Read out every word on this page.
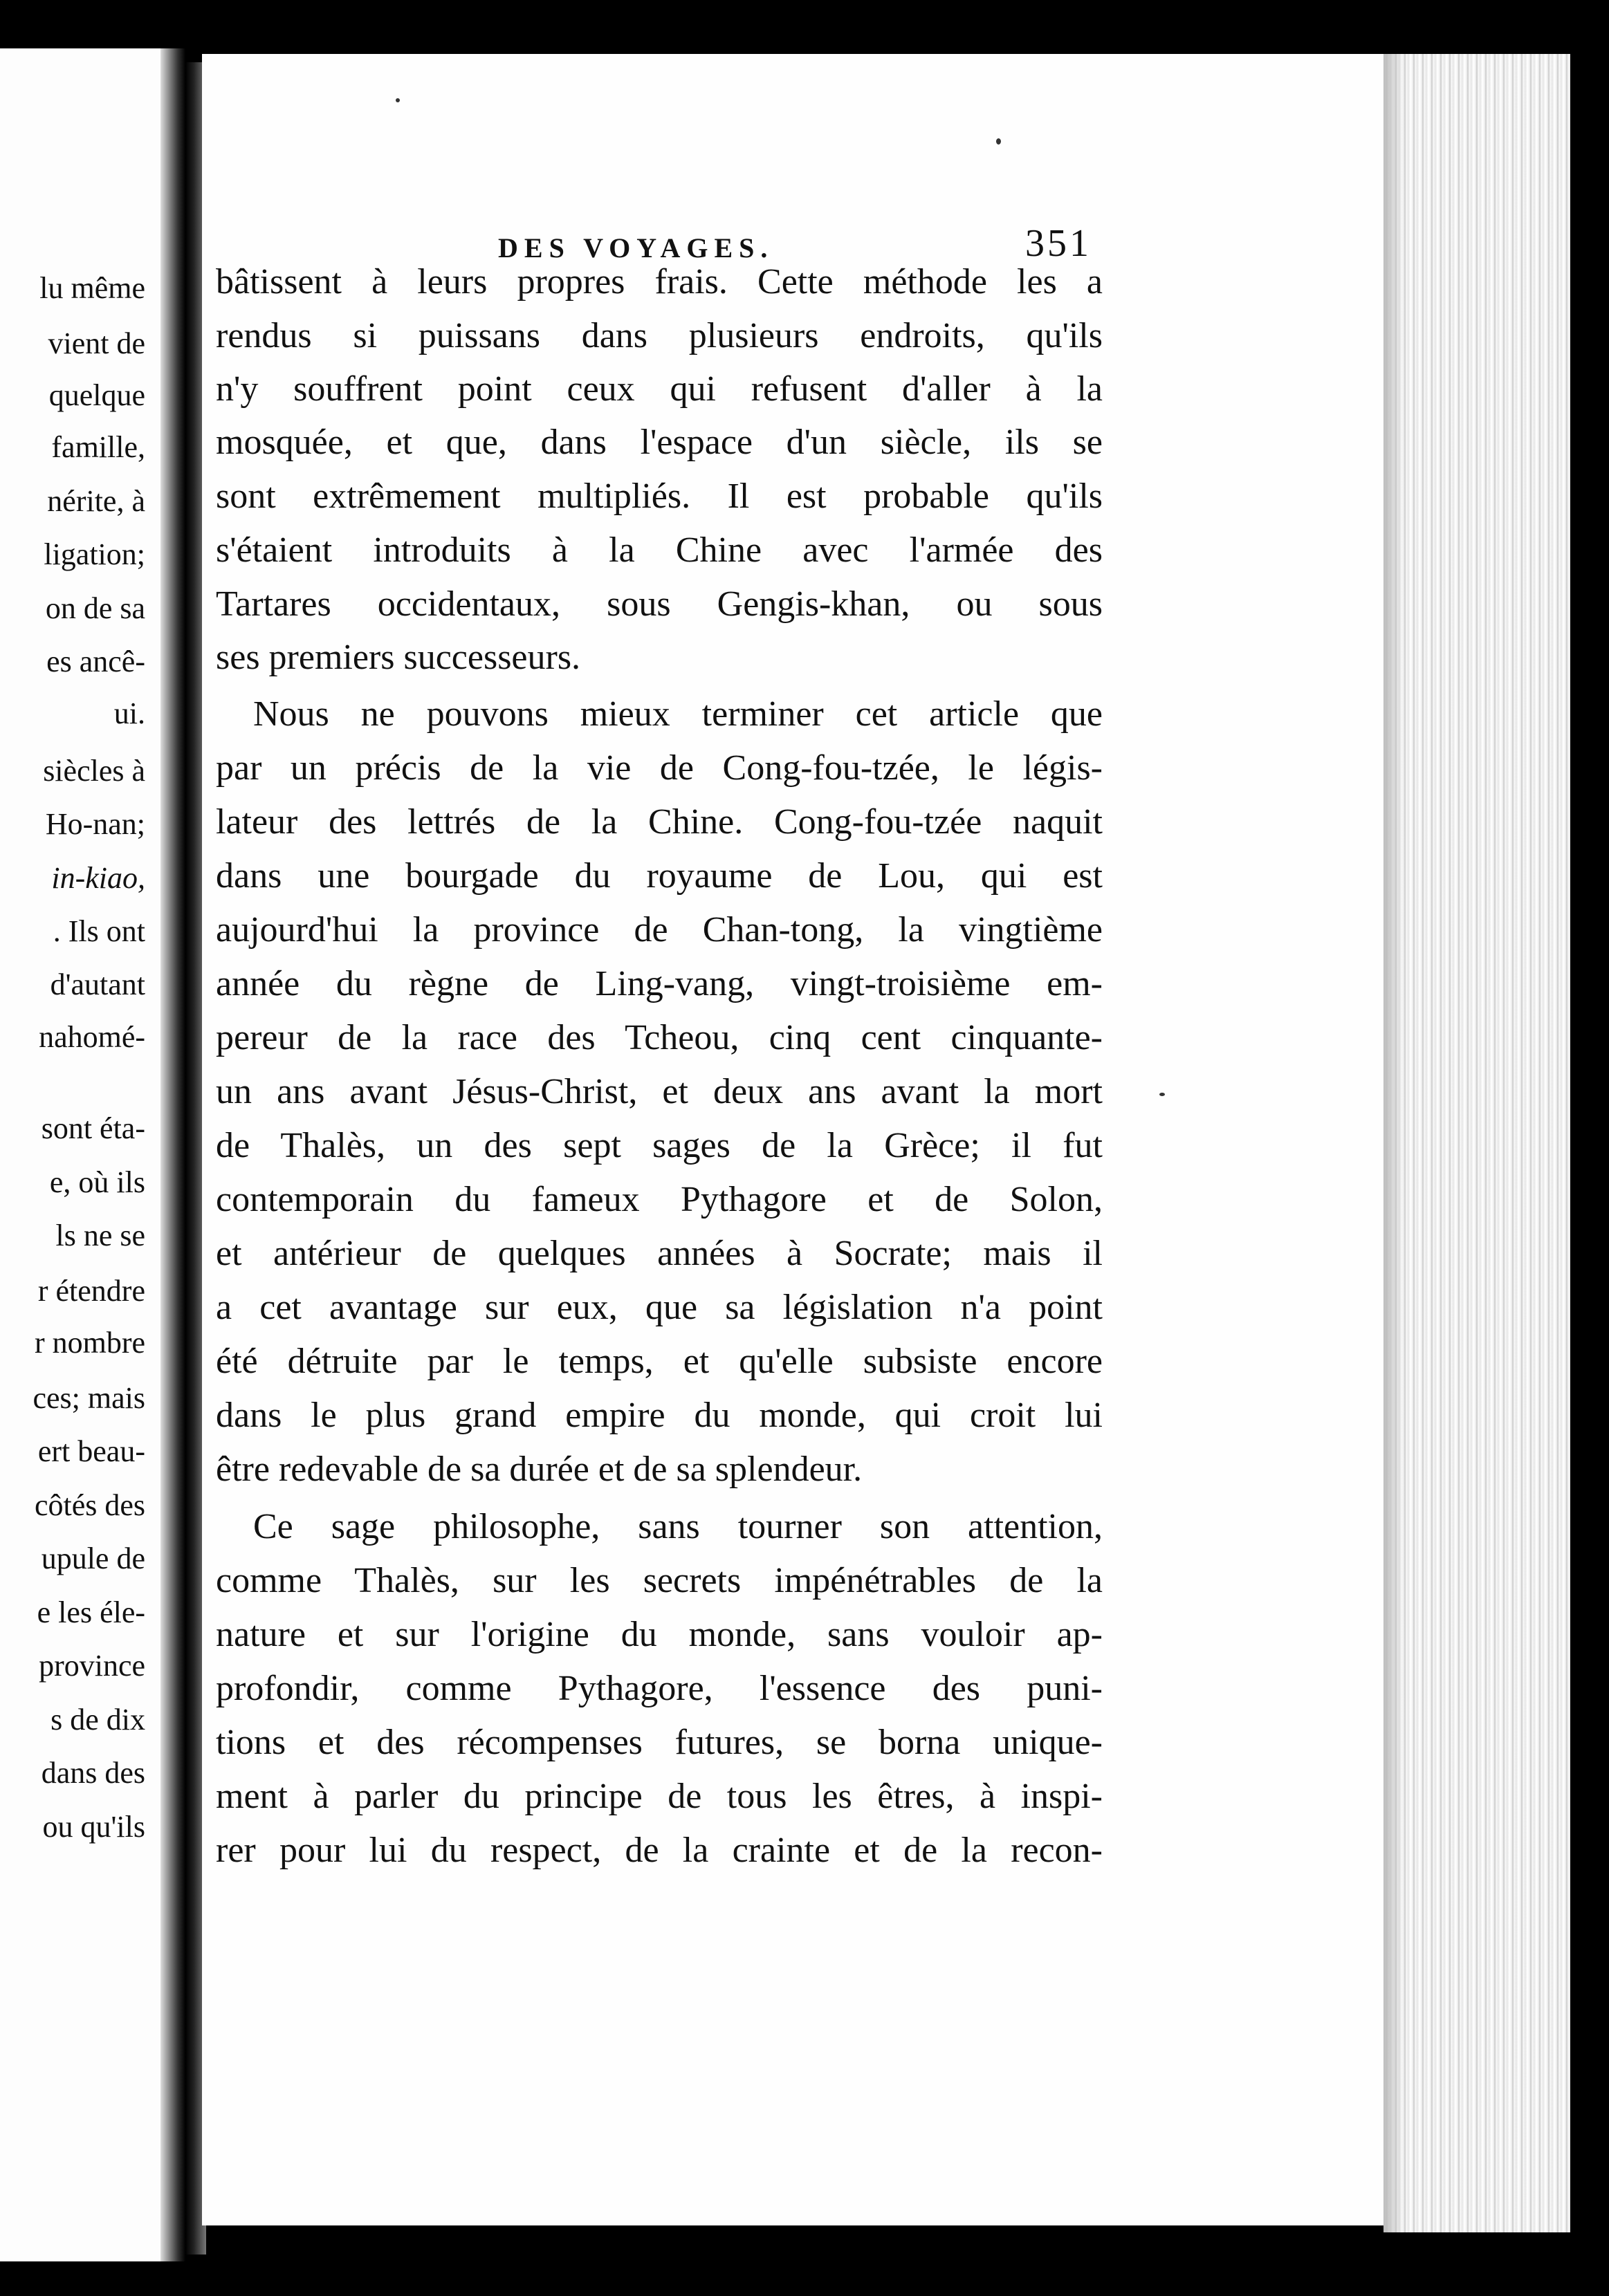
lu même
vient de
quelque
famille,
nérite, à
ligation;
on de sa
es ancê-
ui.
siècles à
Ho-nan;
in-kiao,
. Ils ont
d'autant
nahomé-
sont éta-
e, où ils
ls ne se
r étendre
r nombre
ces; mais
ert beau-
côtés des
upule de
e les éle-
province
s de dix
dans des
ou qu'ils
DES VOYAGES.	351
bâtissent à leurs propres frais. Cette méthode les a
rendus si puissans dans plusieurs endroits, qu'ils
n'y souffrent point ceux qui refusent d'aller à la
mosquée, et que, dans l'espace d'un siècle, ils se
sont extrêmement multipliés. Il est probable qu'ils
s'étaient introduits à la Chine avec l'armée des
Tartares occidentaux, sous Gengis-khan, ou sous
ses premiers successeurs.
Nous ne pouvons mieux terminer cet article que
par un précis de la vie de Cong-fou-tzée, le légis-
lateur des lettrés de la Chine. Cong-fou-tzée naquit
dans une bourgade du royaume de Lou, qui est
aujourd'hui la province de Chan-tong, la vingtième
année du règne de Ling-vang, vingt-troisième em-
pereur de la race des Tcheou, cinq cent cinquante-
un ans avant Jésus-Christ, et deux ans avant la mort
de Thalès, un des sept sages de la Grèce; il fut
contemporain du fameux Pythagore et de Solon,
et antérieur de quelques années à Socrate; mais il
a cet avantage sur eux, que sa législation n'a point
été détruite par le temps, et qu'elle subsiste encore
dans le plus grand empire du monde, qui croit lui
être redevable de sa durée et de sa splendeur.
Ce sage philosophe, sans tourner son attention,
comme Thalès, sur les secrets impénétrables de la
nature et sur l'origine du monde, sans vouloir ap-
profondir, comme Pythagore, l'essence des puni-
tions et des récompenses futures, se borna unique-
ment à parler du principe de tous les êtres, à inspi-
rer pour lui du respect, de la crainte et de la recon-
